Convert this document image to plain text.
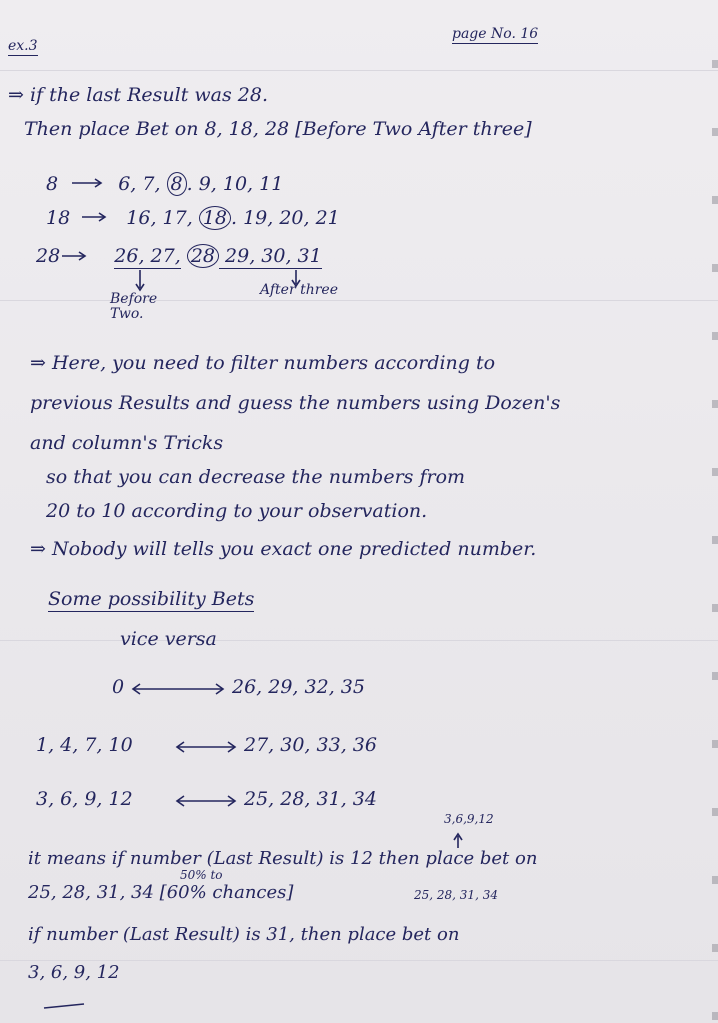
ex.3
page No. 16
⇒ if the last Result was 28.
Then place Bet on 8, 18, 28 [Before Two After three]
8	6, 7, 8 . 9, 10, 11
18	16, 17, 18 . 19, 20, 21
28	26, 27, 28 29, 30, 31
Before Two.
After three
⇒ Here, you need to filter numbers according to
previous Results and guess the numbers using Dozen's
and column's Tricks
so that you can decrease the numbers from
20 to 10 according to your observation.
⇒ Nobody will tells you exact one predicted number.
Some possibility Bets
vice versa
0	26, 29, 32, 35
1, 4, 7, 10	27, 30, 33, 36
3, 6, 9, 12	25, 28, 31, 34
3,6,9,12
it means if number (Last Result) is 12 then place bet on
50% to
25, 28, 31, 34 [60% chances]	25, 28, 31, 34
if number (Last Result) is 31, then place bet on
3, 6, 9, 12
